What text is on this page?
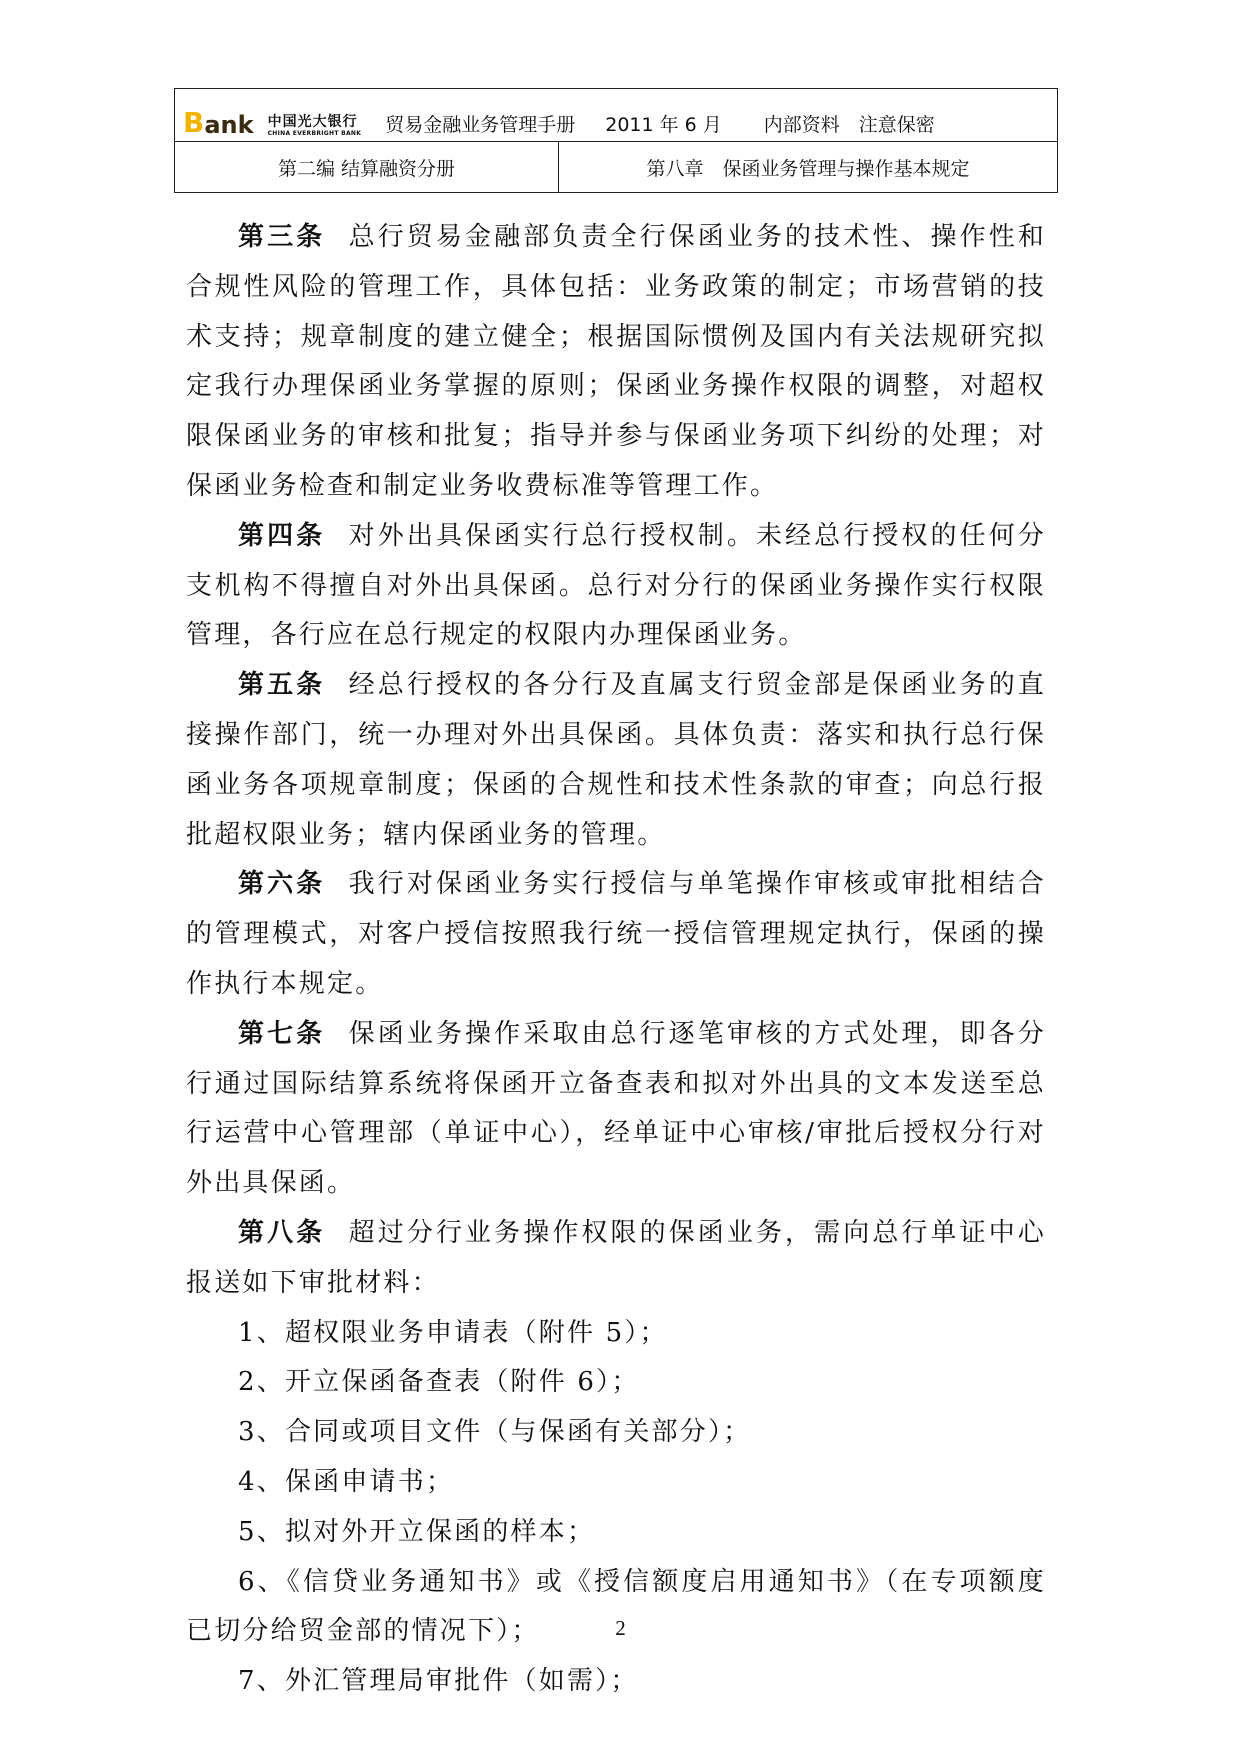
B ank 中国光大银行
CHINA EVERBRIGHT BANK 贸易金融业务管理手册 2011 年 6 月 内部资料　注意保密

第二编 结算融资分册	第八章　保函业务管理与操作基本规定

第三条 总行贸易金融部负责全行保函业务的技术性、操作性和合规性风险的管理工作，具体包括：业务政策的制定；市场营销的技术支持；规章制度的建立健全；根据国际惯例及国内有关法规研究拟定我行办理保函业务掌握的原则；保函业务操作权限的调整，对超权限保函业务的审核和批复；指导并参与保函业务项下纠纷的处理；对保函业务检查和制定业务收费标准等管理工作。

第四条 对外出具保函实行总行授权制。未经总行授权的任何分支机构不得擅自对外出具保函。总行对分行的保函业务操作实行权限管理，各行应在总行规定的权限内办理保函业务。

第五条 经总行授权的各分行及直属支行贸金部是保函业务的直接操作部门，统一办理对外出具保函。具体负责：落实和执行总行保函业务各项规章制度；保函的合规性和技术性条款的审查；向总行报批超权限业务；辖内保函业务的管理。

第六条 我行对保函业务实行授信与单笔操作审核或审批相结合的管理模式，对客户授信按照我行统一授信管理规定执行，保函的操作执行本规定。

第七条 保函业务操作采取由总行逐笔审核的方式处理，即各分行通过国际结算系统将保函开立备查表和拟对外出具的文本发送至总行运营中心管理部（单证中心），经单证中心审核/审批后授权分行对外出具保函。

第八条 超过分行业务操作权限的保函业务，需向总行单证中心报送如下审批材料：

1、超权限业务申请表（附件 5）；

2、开立保函备查表（附件 6）；

3、合同或项目文件（与保函有关部分）；

4、保函申请书；

5、拟对外开立保函的样本；

6、《信贷业务通知书》或《授信额度启用通知书》（在专项额度已切分给贸金部的情况下）；

7、外汇管理局审批件（如需）；

2
